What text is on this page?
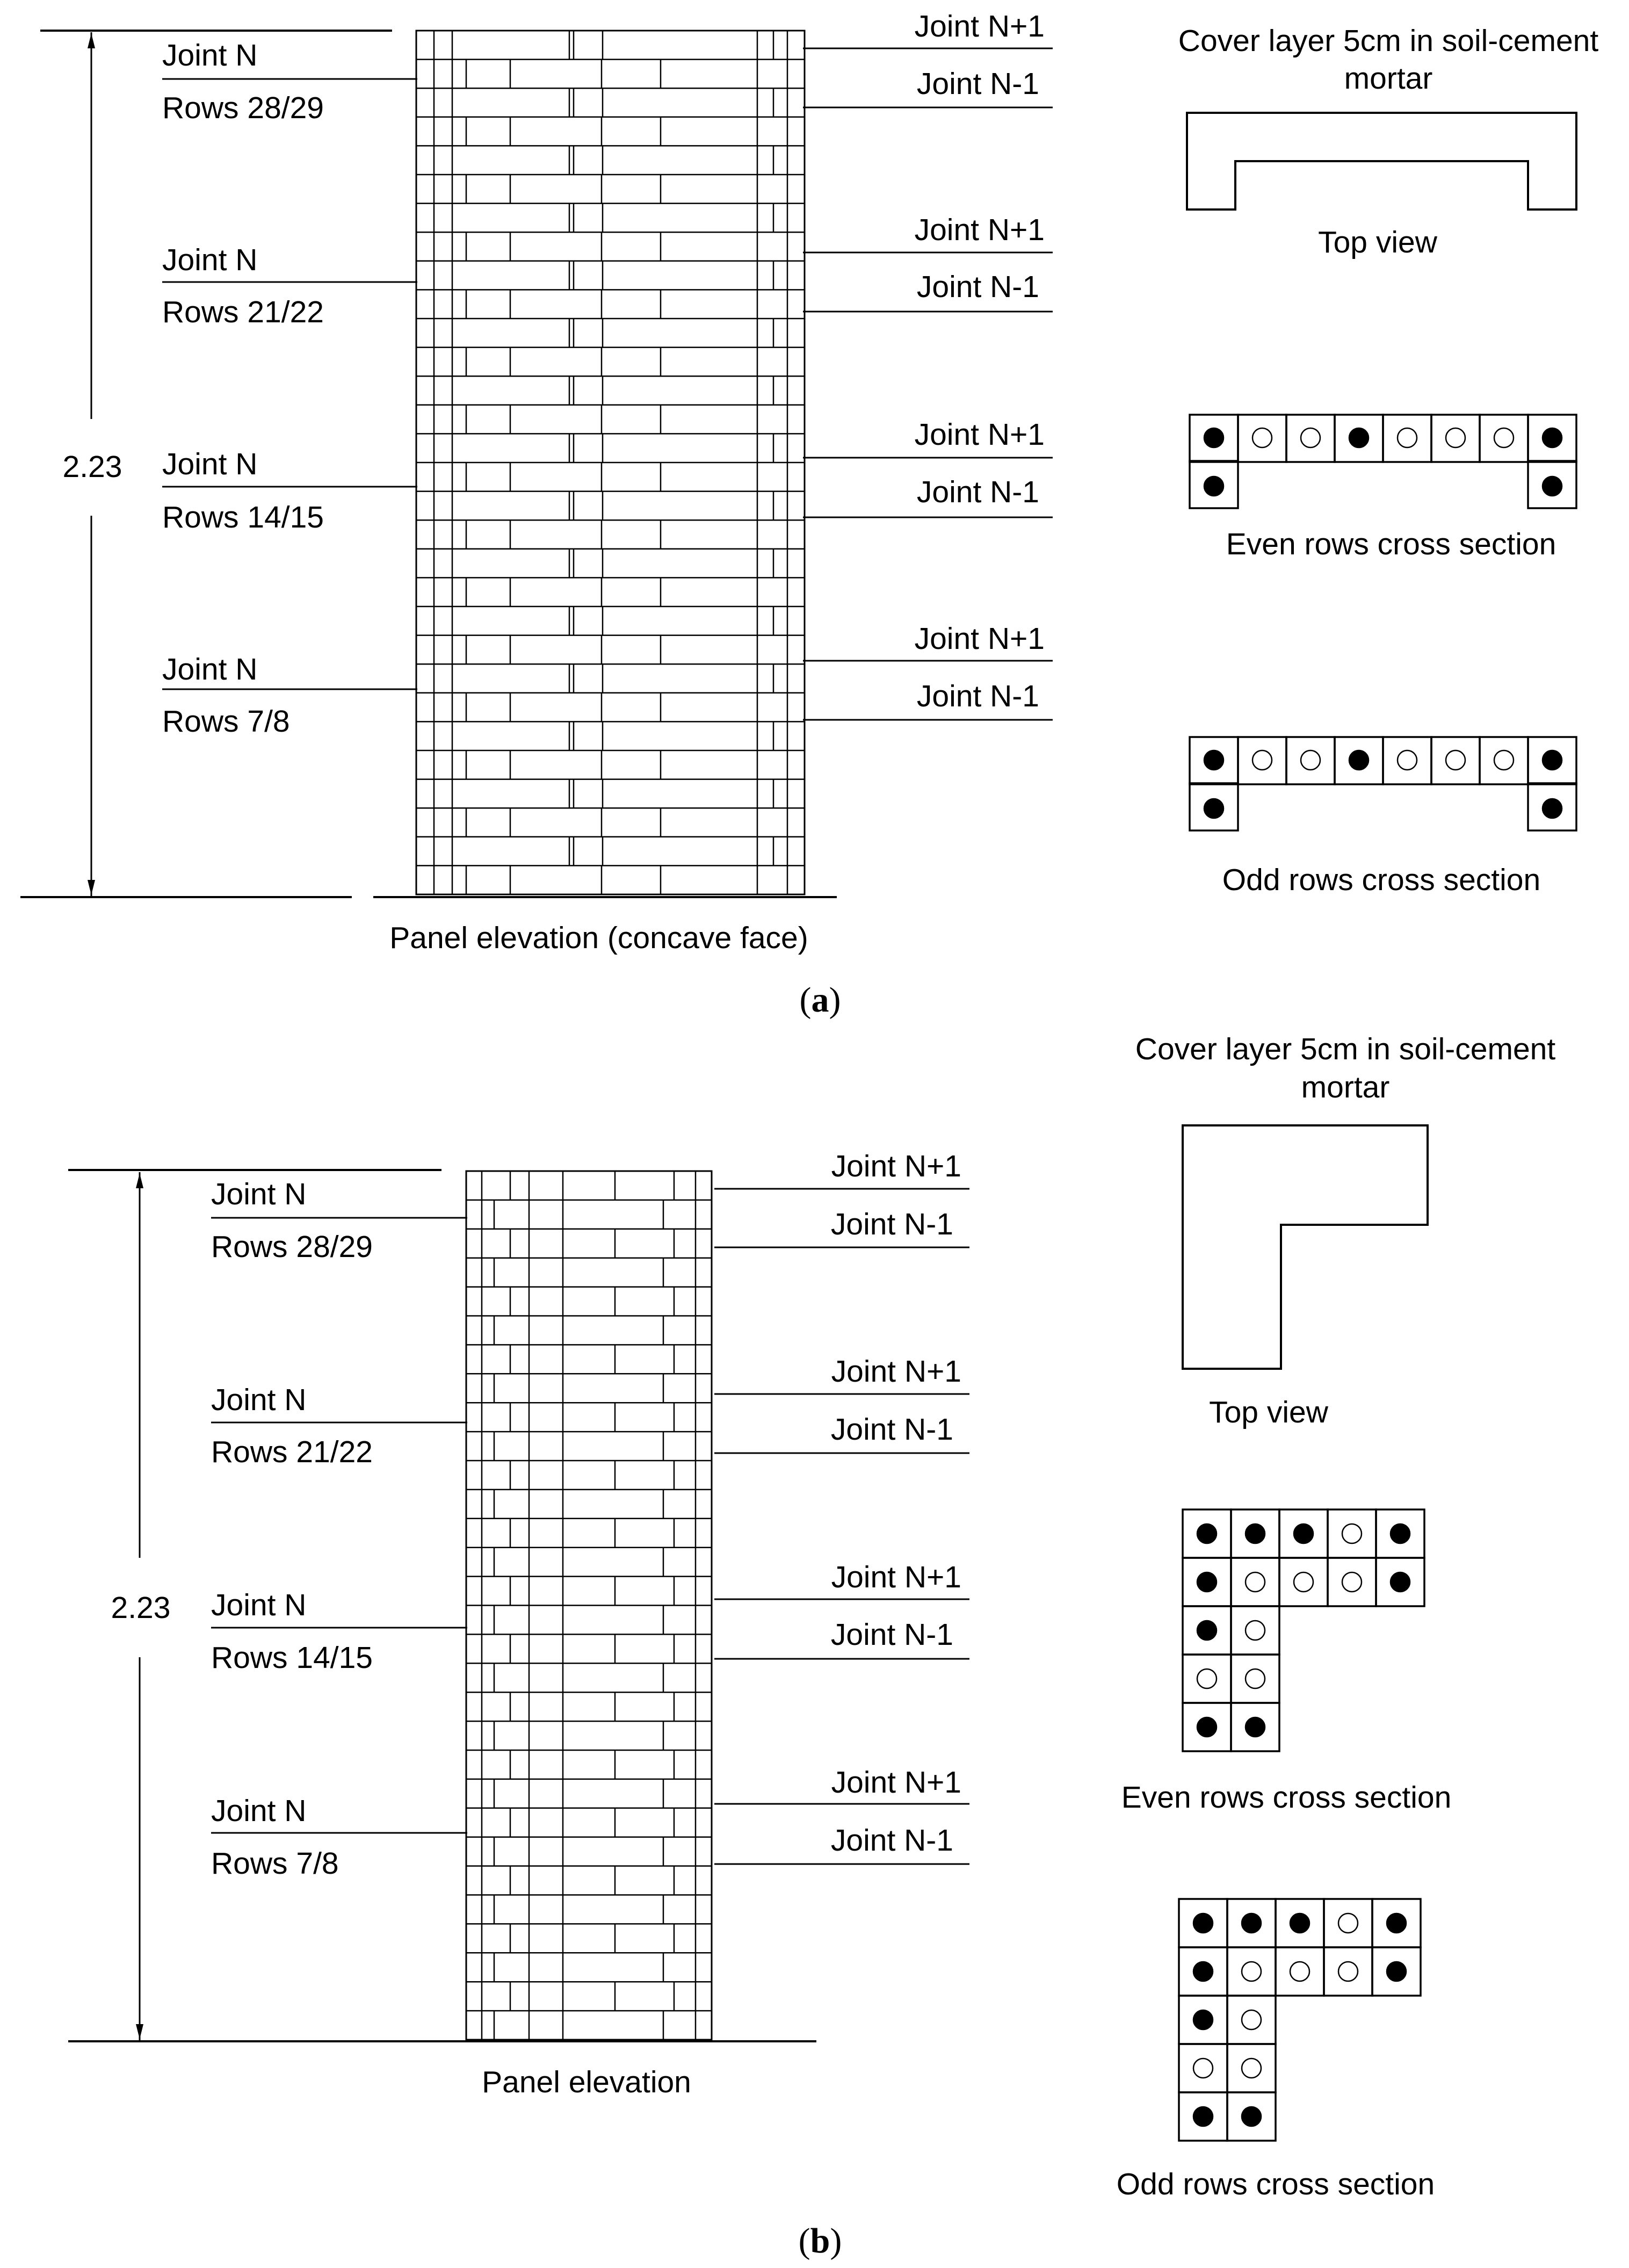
2.23
Joint N
Rows 28/29
Joint N
Rows 21/22
Joint N
Rows 14/15
Joint N
Rows 7/8
Joint N+1
Joint N-1
Joint N+1
Joint N-1
Joint N+1
Joint N-1
Joint N+1
Joint N-1
Panel elevation (concave face)
Cover layer 5cm in soil-cement
mortar
Top view
Even rows cross section
Odd rows cross section
(a)
2.23
Joint N
Rows 28/29
Joint N
Rows 21/22
Joint N
Rows 14/15
Joint N
Rows 7/8
Joint N+1
Joint N-1
Joint N+1
Joint N-1
Joint N+1
Joint N-1
Joint N+1
Joint N-1
Panel elevation
Cover layer 5cm in soil-cement
mortar
Top view
Even rows cross section
Odd rows cross section
(b)
